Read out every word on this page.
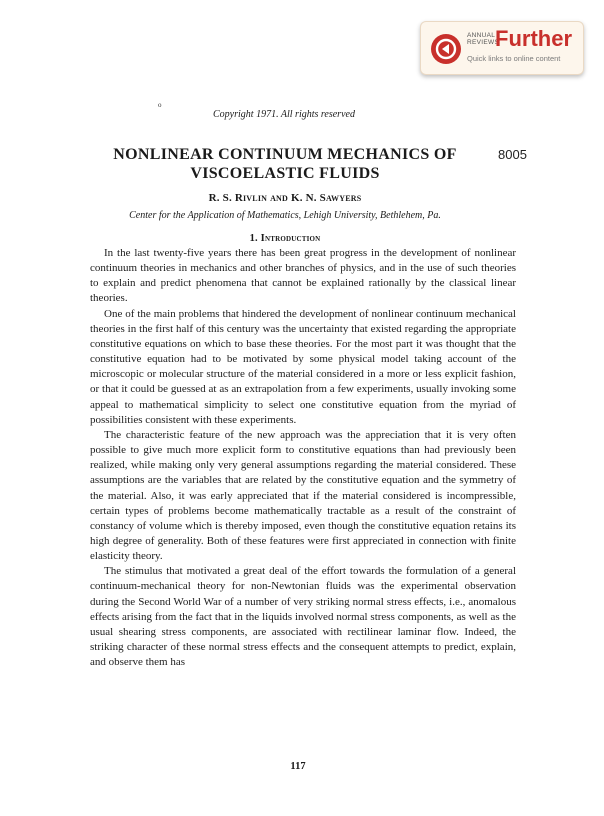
ANNUAL
REVIEWS
Further
Quick links to online content
o
Copyright 1971. All rights reserved
NONLINEAR CONTINUUM MECHANICS OF
VISCOELASTIC FLUIDS
8005
R. S. Rivlin and K. N. Sawyers
Center for the Application of Mathematics, Lehigh University, Bethlehem, Pa.
1. Introduction

In the last twenty-five years there has been great progress in the development of nonlinear continuum theories in mechanics and other branches of physics, and in the use of such theories to explain and predict phenomena that cannot be explained rationally by the classical linear theories.

One of the main problems that hindered the development of nonlinear continuum mechanical theories in the first half of this century was the uncertainty that existed regarding the appropriate constitutive equations on which to base these theories. For the most part it was thought that the constitutive equation had to be motivated by some physical model taking account of the microscopic or molecular structure of the material considered in a more or less explicit fashion, or that it could be guessed at as an extrapolation from a few experiments, usually invoking some appeal to mathematical simplicity to select one constitutive equation from the myriad of possibilities consistent with these experiments.

The characteristic feature of the new approach was the appreciation that it is very often possible to give much more explicit form to constitutive equations than had previously been realized, while making only very general assumptions regarding the material considered. These assumptions are the variables that are related by the constitutive equation and the symmetry of the material. Also, it was early appreciated that if the material considered is incompressible, certain types of problems become mathematically tractable as a result of the constraint of constancy of volume which is thereby imposed, even though the constitutive equation retains its high degree of generality. Both of these features were first appreciated in connection with finite elasticity theory.

The stimulus that motivated a great deal of the effort towards the formulation of a general continuum-mechanical theory for non-Newtonian fluids was the experimental observation during the Second World War of a number of very striking normal stress effects, i.e., anomalous effects arising from the fact that in the liquids involved normal stress components, as well as the usual shearing stress components, are associated with rectilinear laminar flow. Indeed, the striking character of these normal stress effects and the consequent attempts to predict, explain, and observe them has

117
